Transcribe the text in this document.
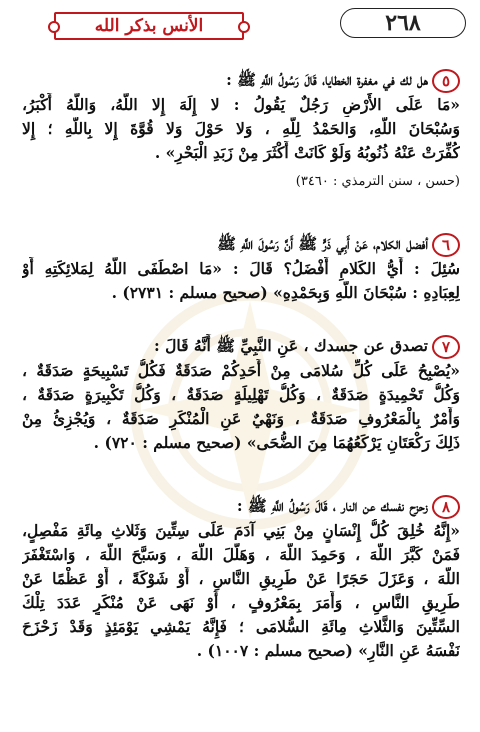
٢٦٨
الأنس بذكر الله
٥هل لك في مغفرة الخطايا، قَالَ رَسُولُ اللَّهِ ﷺ :
«مَا عَلَى الأَرْضِ رَجُلٌ يَقُولُ : لا إِلَهَ إِلا اللَّهُ، وَاللَّهُ أَكْبَرُ،
وَسُبْحَانَ اللَّهِ، وَالحَمْدُ لِلَّهِ ، وَلا حَوْلَ وَلا قُوَّةَ إِلا بِاللَّهِ ؛ إِلا
كُفِّرَتْ عَنْهُ ذُنُوبُهُ وَلَوْ كَانَتْ أَكْثَرَ مِنْ زَبَدِ الْبَحْرِ» .
(حسن ، سنن الترمذي : ٣٤٦٠)
٦أفضل الكلام، عَنْ أَبِي ذَرٍّ ﷺ أَنَّ رَسُولَ اللَّهِ ﷺ
سُئِلَ : أَيُّ الكَلامِ أَفْضَلُ؟ قَالَ : «مَا اصْطَفَى اللَّهُ لِمَلائِكَتِهِ أَوْ
لِعِبَادِهِ : سُبْحَانَ اللَّهِ وَبِحَمْدِهِ» (صحيح مسلم : ٢٧٣١) .
٧تصدق عن جسدك ، عَنِ النَّبِيِّ ﷺ أَنَّهُ قَالَ :
«يُصْبِحُ عَلَى كُلِّ سُلامَى مِنْ أَحَدِكُمْ صَدَقَةٌ فَكُلُّ تَسْبِيحَةٍ صَدَقَةٌ ،
وَكُلُّ تَحْمِيدَةٍ صَدَقَةٌ ، وَكُلُّ تَهْلِيلَةٍ صَدَقَةٌ ، وَكُلُّ تَكْبِيرَةٍ صَدَقَةٌ ،
وَأَمْرٌ بِالْمَعْرُوفِ صَدَقَةٌ ، وَنَهْيٌ عَنِ الْمُنْكَرِ صَدَقَةٌ ، وَيُجْزِئُ مِنْ
ذَلِكَ رَكْعَتَانِ يَرْكَعُهُمَا مِنَ الضُّحَى» (صحيح مسلم : ٧٢٠) .
٨زحزح نفسك عن النار ، قَالَ رَسُولُ اللَّهِ ﷺ :
«إِنَّهُ خُلِقَ كُلُّ إِنْسَانٍ مِنْ بَنِي آدَمَ عَلَى سِتِّينَ وَثَلاثِ مِائَةِ مَفْصِلٍ،
فَمَنْ كَبَّرَ اللَّهَ ، وَحَمِدَ اللَّهَ ، وَهَلَّلَ اللَّهَ ، وَسَبَّحَ اللَّهَ ، وَاسْتَغْفَرَ
اللَّهَ ، وَعَزَلَ حَجَرًا عَنْ طَرِيقِ النَّاسِ ، أَوْ شَوْكَةً ، أَوْ عَظْمًا عَنْ
طَرِيقِ النَّاسِ ، وَأَمَرَ بِمَعْرُوفٍ ، أَوْ نَهَى عَنْ مُنْكَرٍ عَدَدَ تِلْكَ
السِّتِّينَ وَالثَّلاثِ مِائَةِ السُّلامَى ؛ فَإِنَّهُ يَمْشِي يَوْمَئِذٍ وَقَدْ زَحْزَحَ
نَفْسَهُ عَنِ النَّارِ» (صحيح مسلم : ١٠٠٧) .
